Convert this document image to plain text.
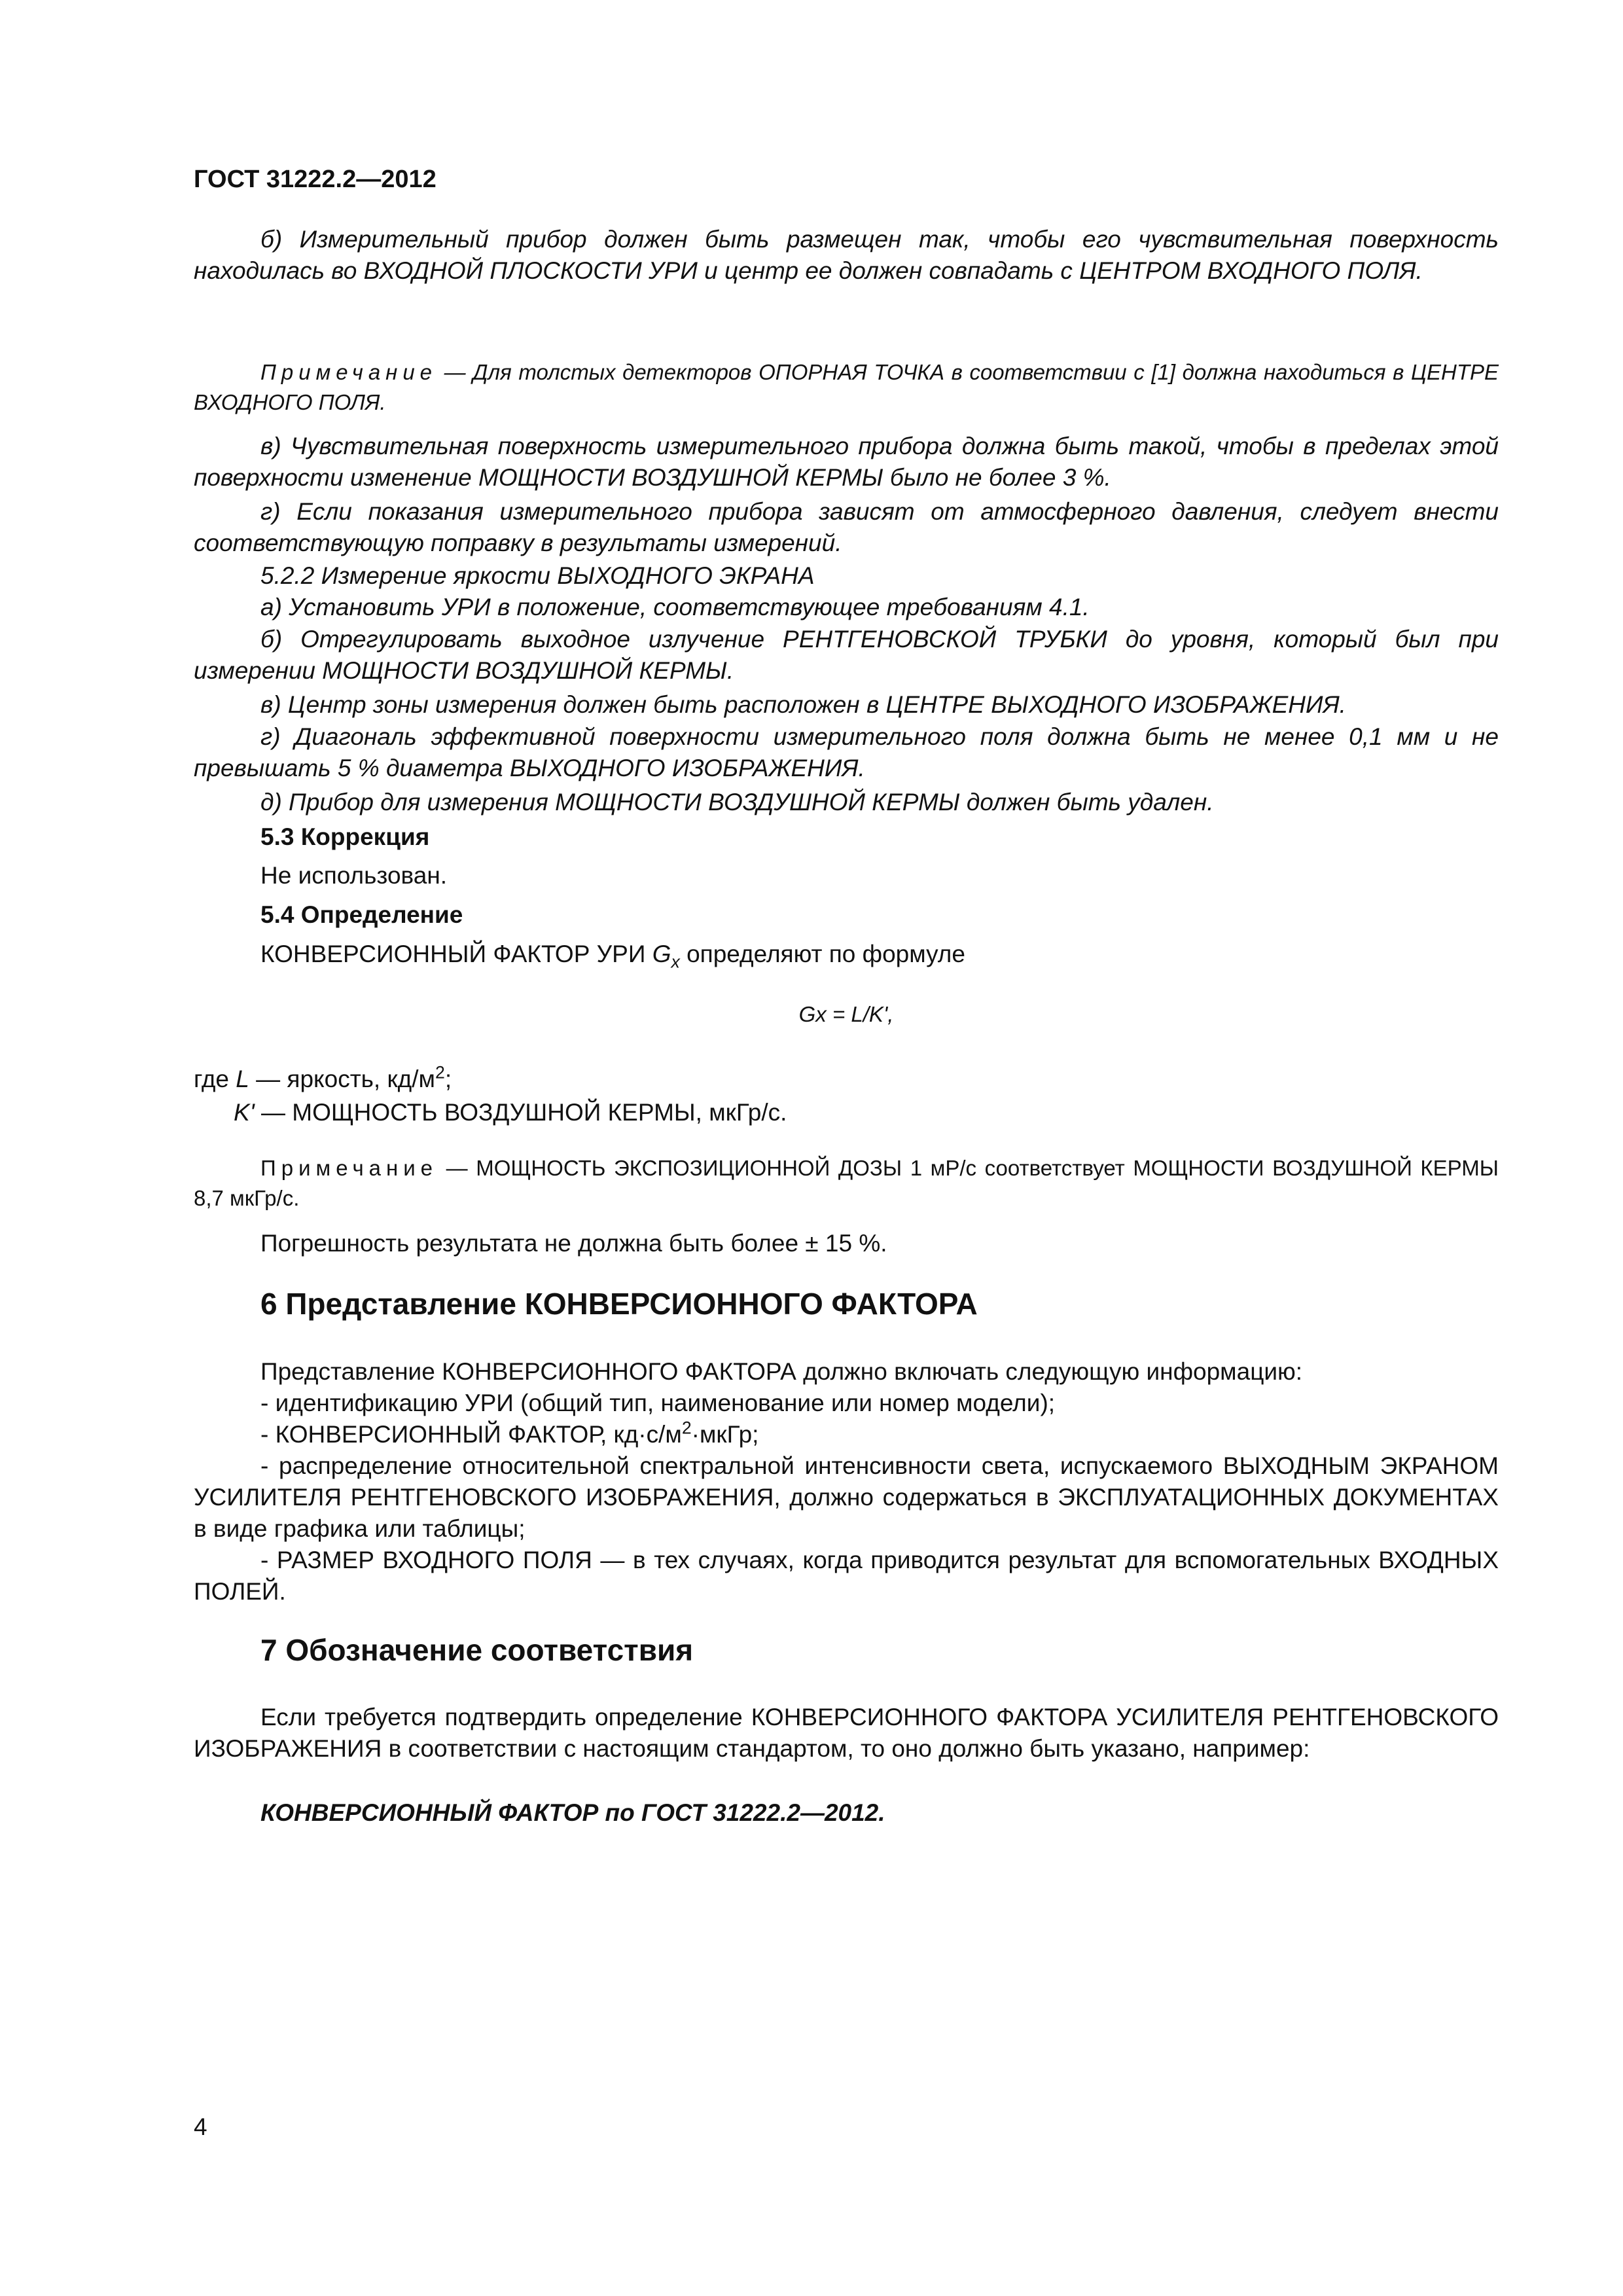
ГОСТ 31222.2—2012

б) Измерительный прибор должен быть размещен так, чтобы его чувствительная поверхность находилась во ВХОДНОЙ ПЛОСКОСТИ УРИ и центр ее должен совпадать с ЦЕНТРОМ ВХОДНОГО ПОЛЯ.

Примечание — Для толстых детекторов ОПОРНАЯ ТОЧКА в соответствии с [1] должна находиться в ЦЕНТРЕ ВХОДНОГО ПОЛЯ.

в) Чувствительная поверхность измерительного прибора должна быть такой, чтобы в пределах этой поверхности изменение МОЩНОСТИ ВОЗДУШНОЙ КЕРМЫ было не более 3 %.

г) Если показания измерительного прибора зависят от атмосферного давления, следует внести соответствующую поправку в результаты измерений.

5.2.2 Измерение яркости ВЫХОДНОГО ЭКРАНА

а) Установить УРИ в положение, соответствующее требованиям 4.1.

б) Отрегулировать выходное излучение РЕНТГЕНОВСКОЙ ТРУБКИ до уровня, который был при измерении МОЩНОСТИ ВОЗДУШНОЙ КЕРМЫ.

в) Центр зоны измерения должен быть расположен в ЦЕНТРЕ ВЫХОДНОГО ИЗОБРАЖЕНИЯ.

г) Диагональ эффективной поверхности измерительного поля должна быть не менее 0,1 мм и не превышать 5 % диаметра ВЫХОДНОГО ИЗОБРАЖЕНИЯ.

д) Прибор для измерения МОЩНОСТИ ВОЗДУШНОЙ КЕРМЫ должен быть удален.

5.3 Коррекция

Не использован.

5.4 Определение

КОНВЕРСИОННЫЙ ФАКТОР УРИ $G_x$ определяют по формуле

Gx = L/K',

где L — яркость, $кд/м^2$;

K' — МОЩНОСТЬ ВОЗДУШНОЙ КЕРМЫ, мкГр/с.

Примечание — МОЩНОСТЬ ЭКСПОЗИЦИОННОЙ ДОЗЫ 1 мР/с соответствует МОЩНОСТИ ВОЗДУШНОЙ КЕРМЫ 8,7 мкГр/с.

Погрешность результата не должна быть более ± 15 %.

6 Представление КОНВЕРСИОННОГО ФАКТОРА

Представление КОНВЕРСИОННОГО ФАКТОРА должно включать следующую информацию:

- идентификацию УРИ (общий тип, наименование или номер модели);

- КОНВЕРСИОННЫЙ ФАКТОР, $кд\cdot с/м^2\cdot мкГр$;

- распределение относительной спектральной интенсивности света, испускаемого ВЫХОДНЫМ ЭКРАНОМ УСИЛИТЕЛЯ РЕНТГЕНОВСКОГО ИЗОБРАЖЕНИЯ, должно содержаться в ЭКСПЛУАТАЦИОННЫХ ДОКУМЕНТАХ в виде графика или таблицы;

- РАЗМЕР ВХОДНОГО ПОЛЯ — в тех случаях, когда приводится результат для вспомогательных ВХОДНЫХ ПОЛЕЙ.

7 Обозначение соответствия

Если требуется подтвердить определение КОНВЕРСИОННОГО ФАКТОРА УСИЛИТЕЛЯ РЕНТГЕНОВСКОГО ИЗОБРАЖЕНИЯ в соответствии с настоящим стандартом, то оно должно быть указано, например:

КОНВЕРСИОННЫЙ ФАКТОР по ГОСТ 31222.2—2012.

4
